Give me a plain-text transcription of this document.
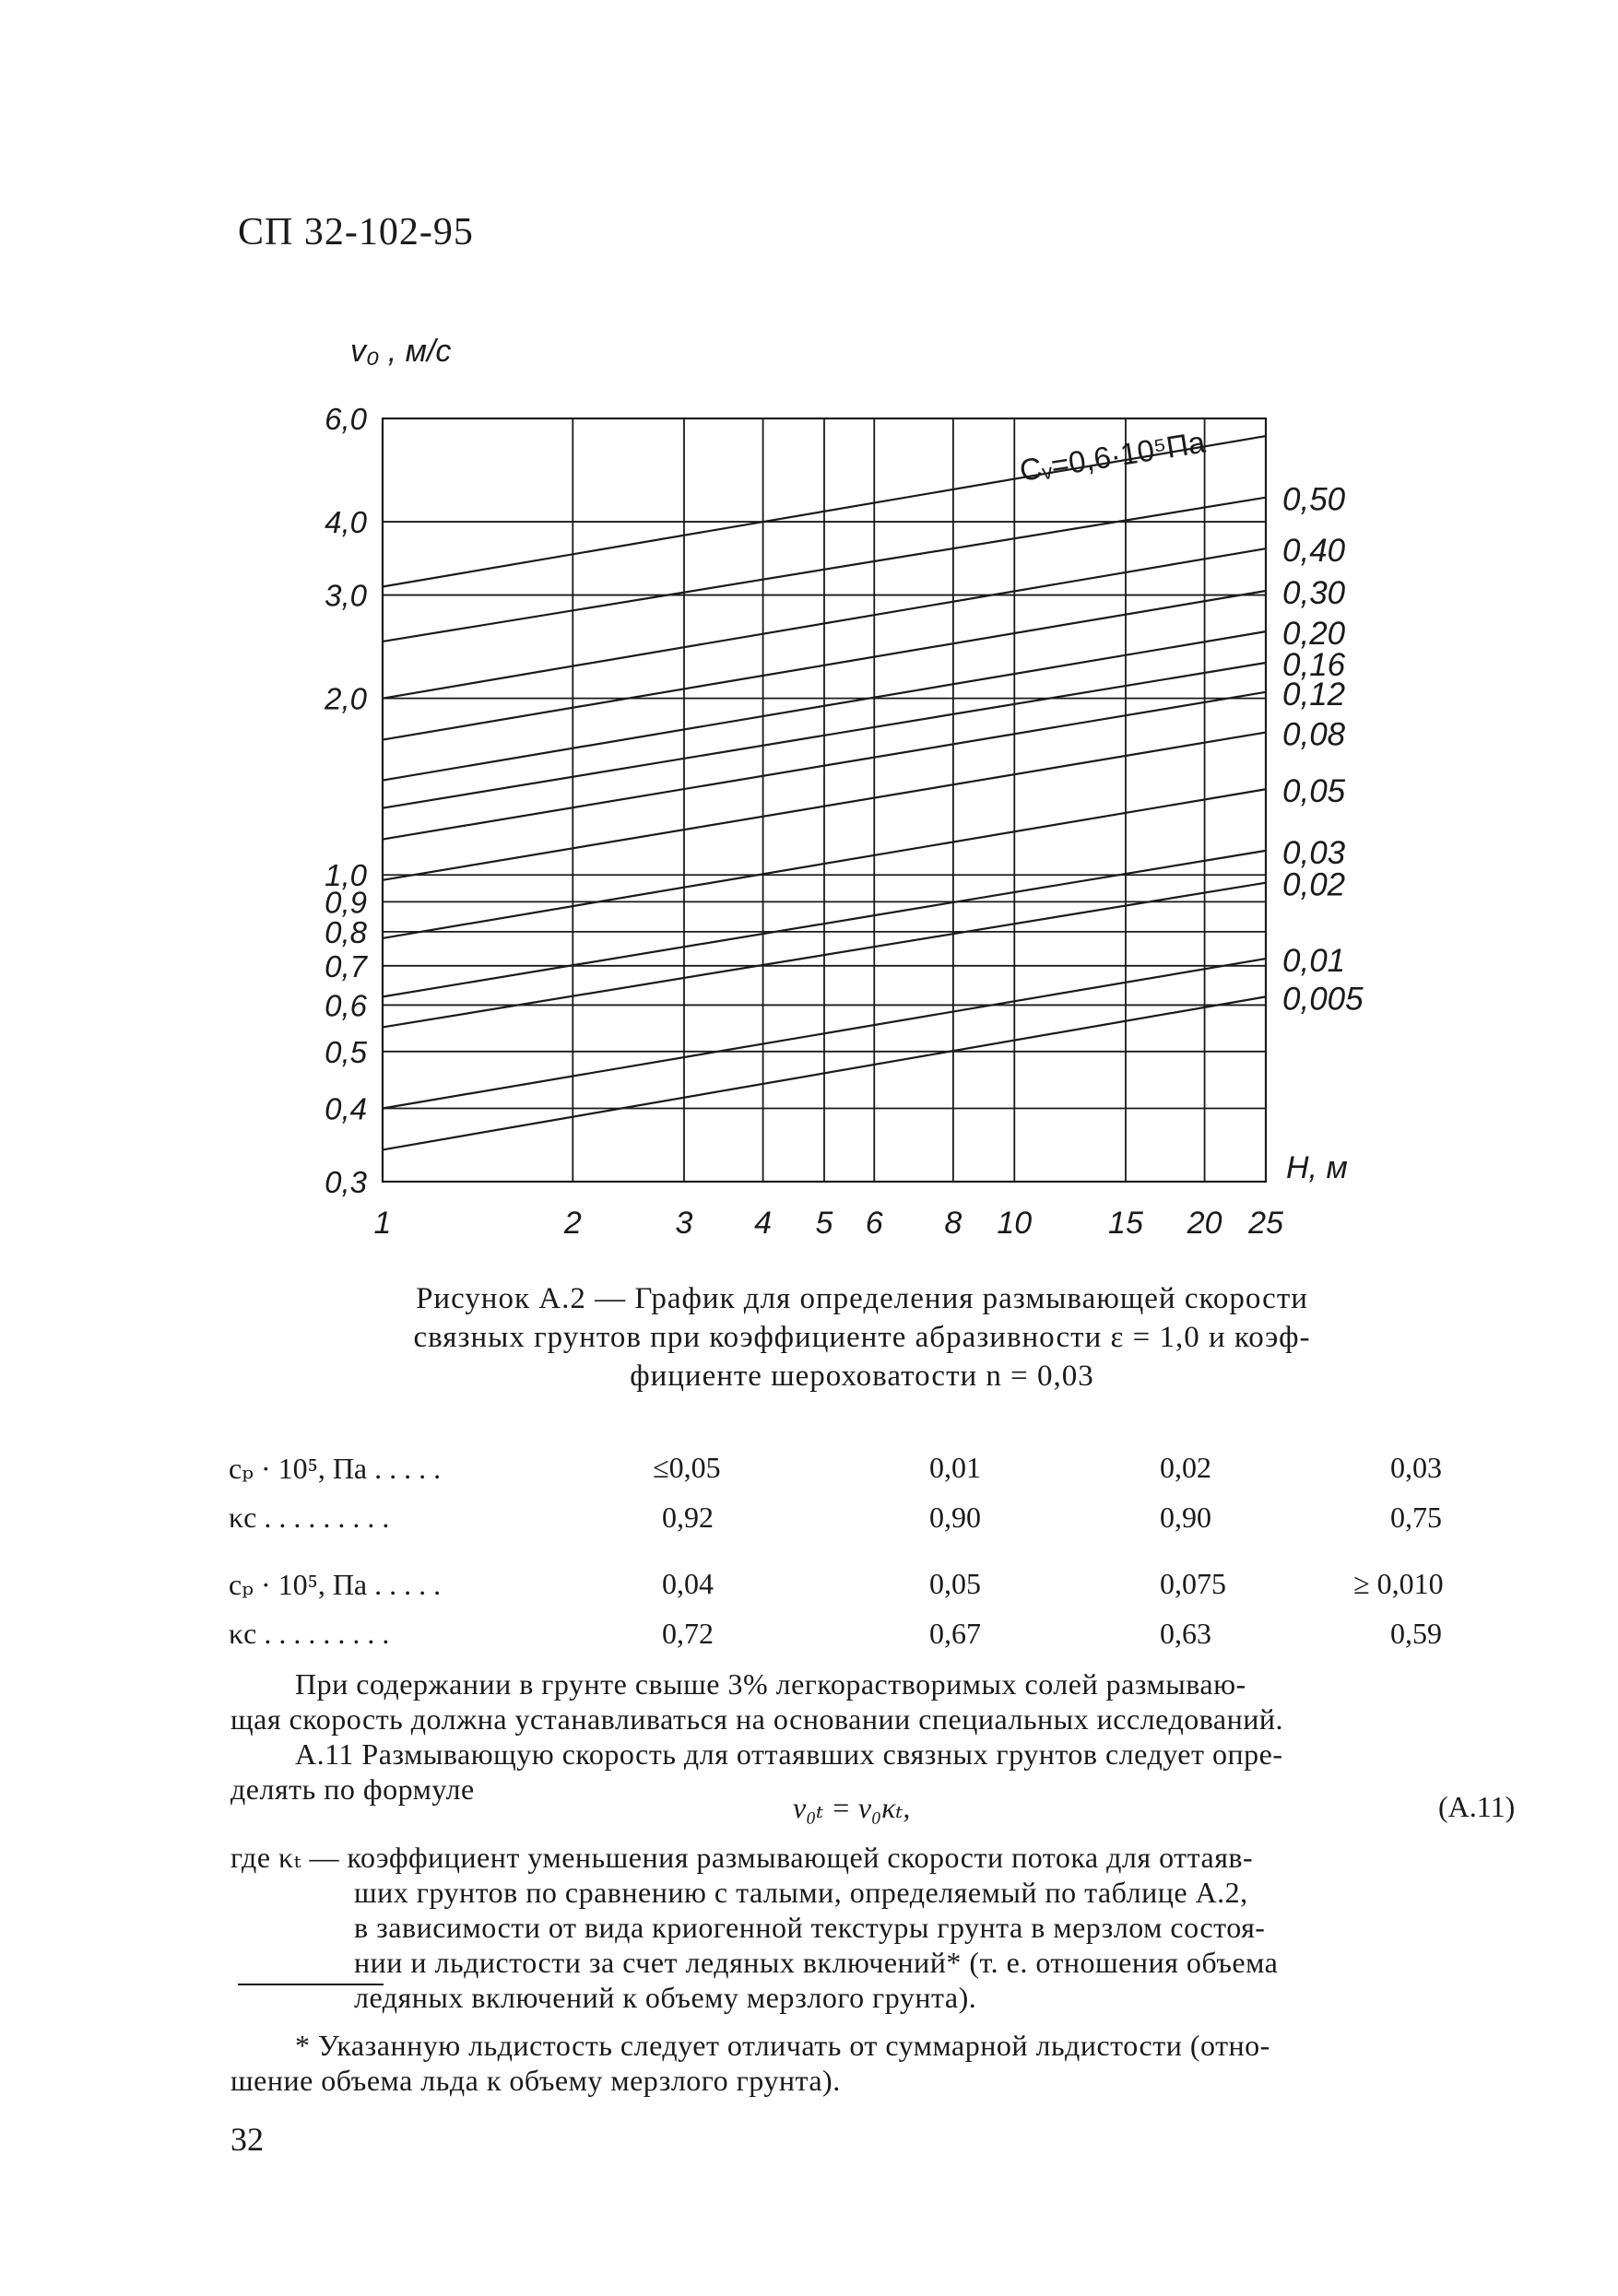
СП 32-102-95
0,005
0,01
0,02
0,03
0,05
0,08
0,12
0,16
0,20
0,30
0,40
0,50
Сᵥ=0,6·10⁵Па
0,3
0,4
0,5
0,6
0,7
0,8
0,9
1,0
2,0
3,0
4,0
6,0
1	2	3 4 5 6 8 10 15 20 25
v₀ , м/с
H, м
Рисунок А.2 — График для определения размывающей скорости
связных грунтов при коэффициенте абразивности ε = 1,0 и коэф-
фициенте шероховатости n = 0,03
cₚ · 10⁵, Па . . . . .	≤0,05	0,01	0,02	0,03
κc . . . . . . . . .	0,92	0,90	0,90	0,75
cₚ · 10⁵, Па . . . . .	0,04	0,05	0,075	≥ 0,010
κc . . . . . . . . .	0,72	0,67	0,63	0,59
При содержании в грунте свыше 3% легкорастворимых солей размываю-
щая скорость должна устанавливаться на основании специальных исследований.
А.11 Размывающую скорость для оттаявших связных грунтов следует опре-
делять по формуле
v₀ₜ = v₀κₜ,	(А.11)
где κₜ — коэффициент уменьшения размывающей скорости потока для оттаяв-
ших грунтов по сравнению с талыми, определяемый по таблице А.2,
в зависимости от вида криогенной текстуры грунта в мерзлом состоя-
нии и льдистости за счет ледяных включений* (т. е. отношения объема
ледяных включений к объему мерзлого грунта).
* Указанную льдистость следует отличать от суммарной льдистости (отно-
шение объема льда к объему мерзлого грунта).
32
